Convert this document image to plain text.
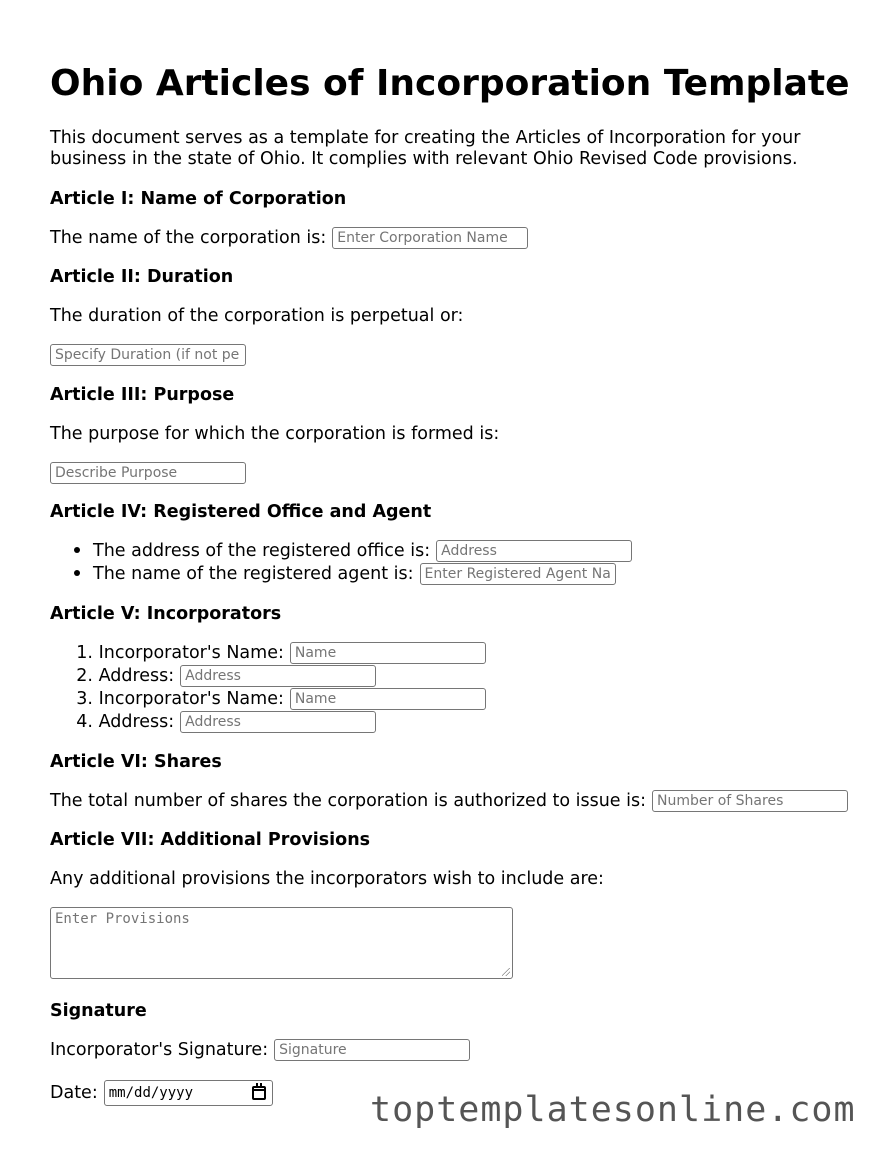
Ohio Articles of Incorporation Template

This document serves as a template for creating the Articles of Incorporation for your business in the state of Ohio. It complies with relevant Ohio Revised Code provisions.

Article I: Name of Corporation
The name of the corporation is: Enter Corporation Name
Article II: Duration
The duration of the corporation is perpetual or:
Specify Duration (if not pe
Article III: Purpose
The purpose for which the corporation is formed is:
Describe Purpose
Article IV: Registered Office and Agent
The address of the registered office is: Address
The name of the registered agent is: Enter Registered Agent Na
Article V: Incorporators
1.
Incorporator's Name: Name
2.
Address: Address
3.
Incorporator's Name: Name
4.
Address: Address
Article VI: Shares
The total number of shares the corporation is authorized to issue is: Number of Shares
Article VII: Additional Provisions
Any additional provisions the incorporators wish to include are:
Enter Provisions
Signature
Incorporator's Signature: Signature
Date: mm/dd/yyyy	toptemplatesonline.com
